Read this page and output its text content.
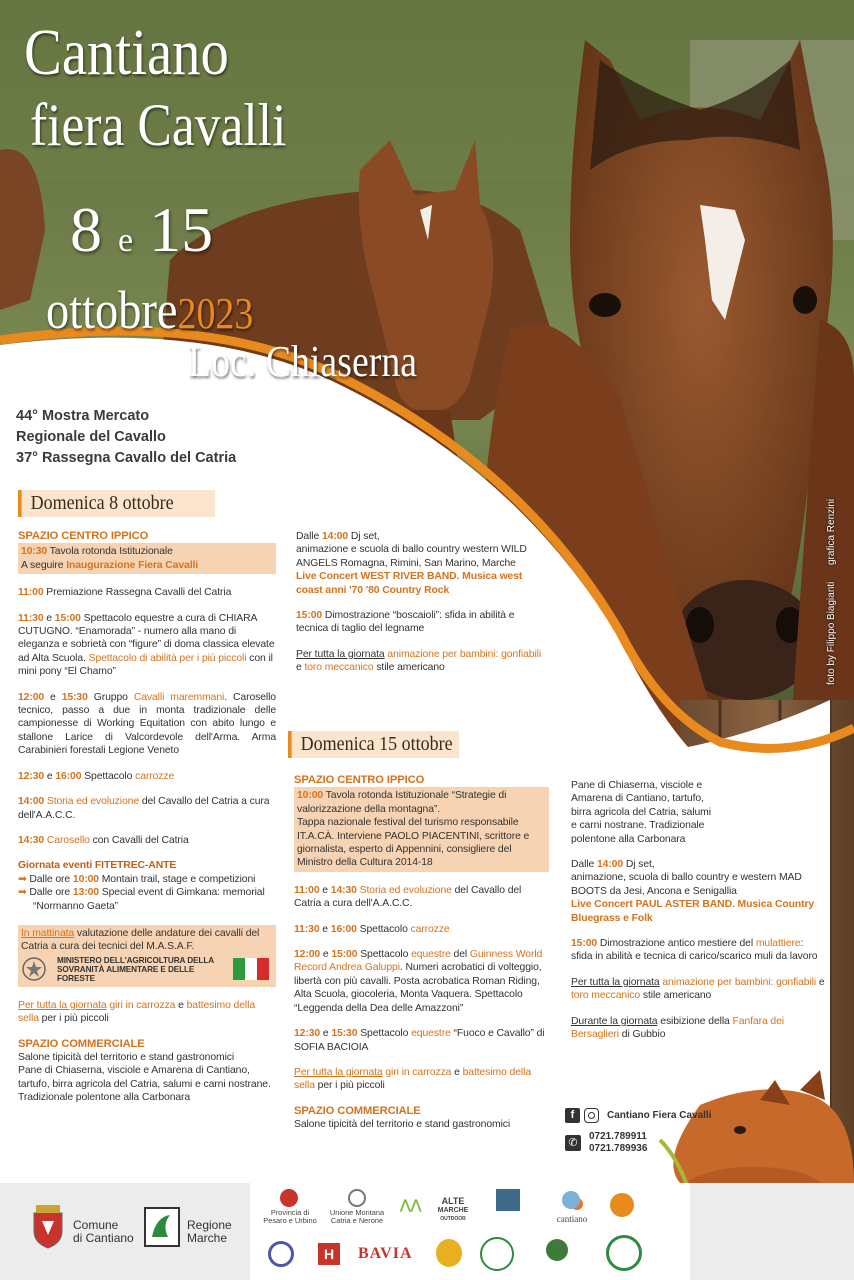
Cantiano
fiera Cavalli
8 e 15
ottobre2023
Loc. Chiaserna
grafica Renzini
foto by Filippo Biagianti
44° Mostra Mercato
Regionale del Cavallo
37° Rassegna Cavallo del Catria
Domenica 8 ottobre

SPAZIO CENTRO IPPICO

10:30 Tavola rotonda Istituzionale
A seguire Inaugurazione Fiera Cavalli

11:00 Premiazione Rassegna Cavalli del Catria

11:30 e 15:00 Spettacolo equestre a cura di CHIARA CUTUGNO. “Enamorada” - numero alla mano di eleganza e sobrietà con “figure” di doma classica elevate ad Alta Scuola. Spettacolo di abilità per i più piccoli con il mini pony “El Chamo”

12:00 e 15:30 Gruppo Cavalli maremmani. Carosello tecnico, passo a due in monta tradizionale delle campionesse di Working Equitation con abito lungo e stallone Larice di Valcordevole dell'Arma. Arma Carabinieri forestali Legione Veneto

12:30 e 16:00 Spettacolo carrozze

14:00 Storia ed evoluzione del Cavallo del Catria a cura dell'A.A.C.C.

14:30 Carosello con Cavalli del Catria

Giornata eventi FITETREC-ANTE

➡ Dalle ore 10:00 Montain trail, stage e competizioni

➡ Dalle ore 13:00 Special event di Gimkana: memorial “Normanno Gaeta”

In mattinata valutazione delle andature dei cavalli del Catria a cura dei tecnici del M.A.S.A.F.

MINISTERO DELL'AGRICOLTURA DELLA SOVRANITÀ ALIMENTARE E DELLE FORESTE

Per tutta la giornata giri in carrozza e battesimo della sella per i più piccoli

SPAZIO COMMERCIALE

Salone tipicità del territorio e stand gastronomici

Pane di Chiaserna, visciole e Amarena di Cantiano, tartufo, birra agricola del Catria, salumi e carni nostrane.

Tradizionale polentone alla Carbonara

Dalle 14:00 Dj set,
animazione e scuola di ballo country western WILD ANGELS Romagna, Rimini, San Marino, Marche

Live Concert WEST RIVER BAND. Musica west coast anni '70 '80 Country Rock

15:00 Dimostrazione “boscaioli”: sfida in abilità e tecnica di taglio del legname

Per tutta la giornata animazione per bambini: gonfiabili e toro meccanico stile americano

Domenica 15 ottobre

SPAZIO CENTRO IPPICO

10:00 Tavola rotonda Istituzionale “Strategie di valorizzazione della montagna”.

Tappa nazionale festival del turismo responsabile IT.A.CÀ. Interviene PAOLO PIACENTINI, scrittore e giornalista, esperto di Appennini, consigliere del Ministro della Cultura 2014-18

11:00 e 14:30 Storia ed evoluzione del Cavallo del Catria a cura dell'A.A.C.C.

11:30 e 16:00 Spettacolo carrozze

12:00 e 15:00 Spettacolo equestre del Guinness World Record Andrea Galuppi. Numeri acrobatici di volteggio, libertà con più cavalli. Posta acrobatica Roman Riding, Alta Scuola, giocoleria, Monta Vaquera. Spettacolo “Leggenda della Dea delle Amazzoni”

12:30 e 15:30 Spettacolo equestre “Fuoco e Cavallo” di SOFIA BACIOIA

Per tutta la giornata giri in carrozza e battesimo della sella per i più piccoli

SPAZIO COMMERCIALE

Salone tipicità del territorio e stand gastronomici

Pane di Chiaserna, visciole e Amarena di Cantiano, tartufo, birra agricola del Catria, salumi e carni nostrane. Tradizionale polentone alla Carbonara

Dalle 14:00 Dj set,
animazione, scuola di ballo country e western MAD BOOTS da Jesi, Ancona e Senigallia

Live Concert PAUL ASTER BAND. Musica Country Bluegrass e Folk

15:00 Dimostrazione antico mestiere del mulattiere: sfida in abilità e tecnica di carico/scarico muli da lavoro

Per tutta la giornata animazione per bambini: gonfiabili e toro meccanico stile americano

Durante la giornata esibizione della Fanfara dei Bersaglieri di Gubbio

f	Cantiano Fiera Cavalli
✆	0721.789911
0721.789936
Comune
di Cantiano
Regione
Marche
Provincia di
Pesaro e Urbino
Unione Montana
Catria e Nerone
⋀⋀	ALTE
MARCHE
OUTDOOR	cantiano
H	BAVIA
